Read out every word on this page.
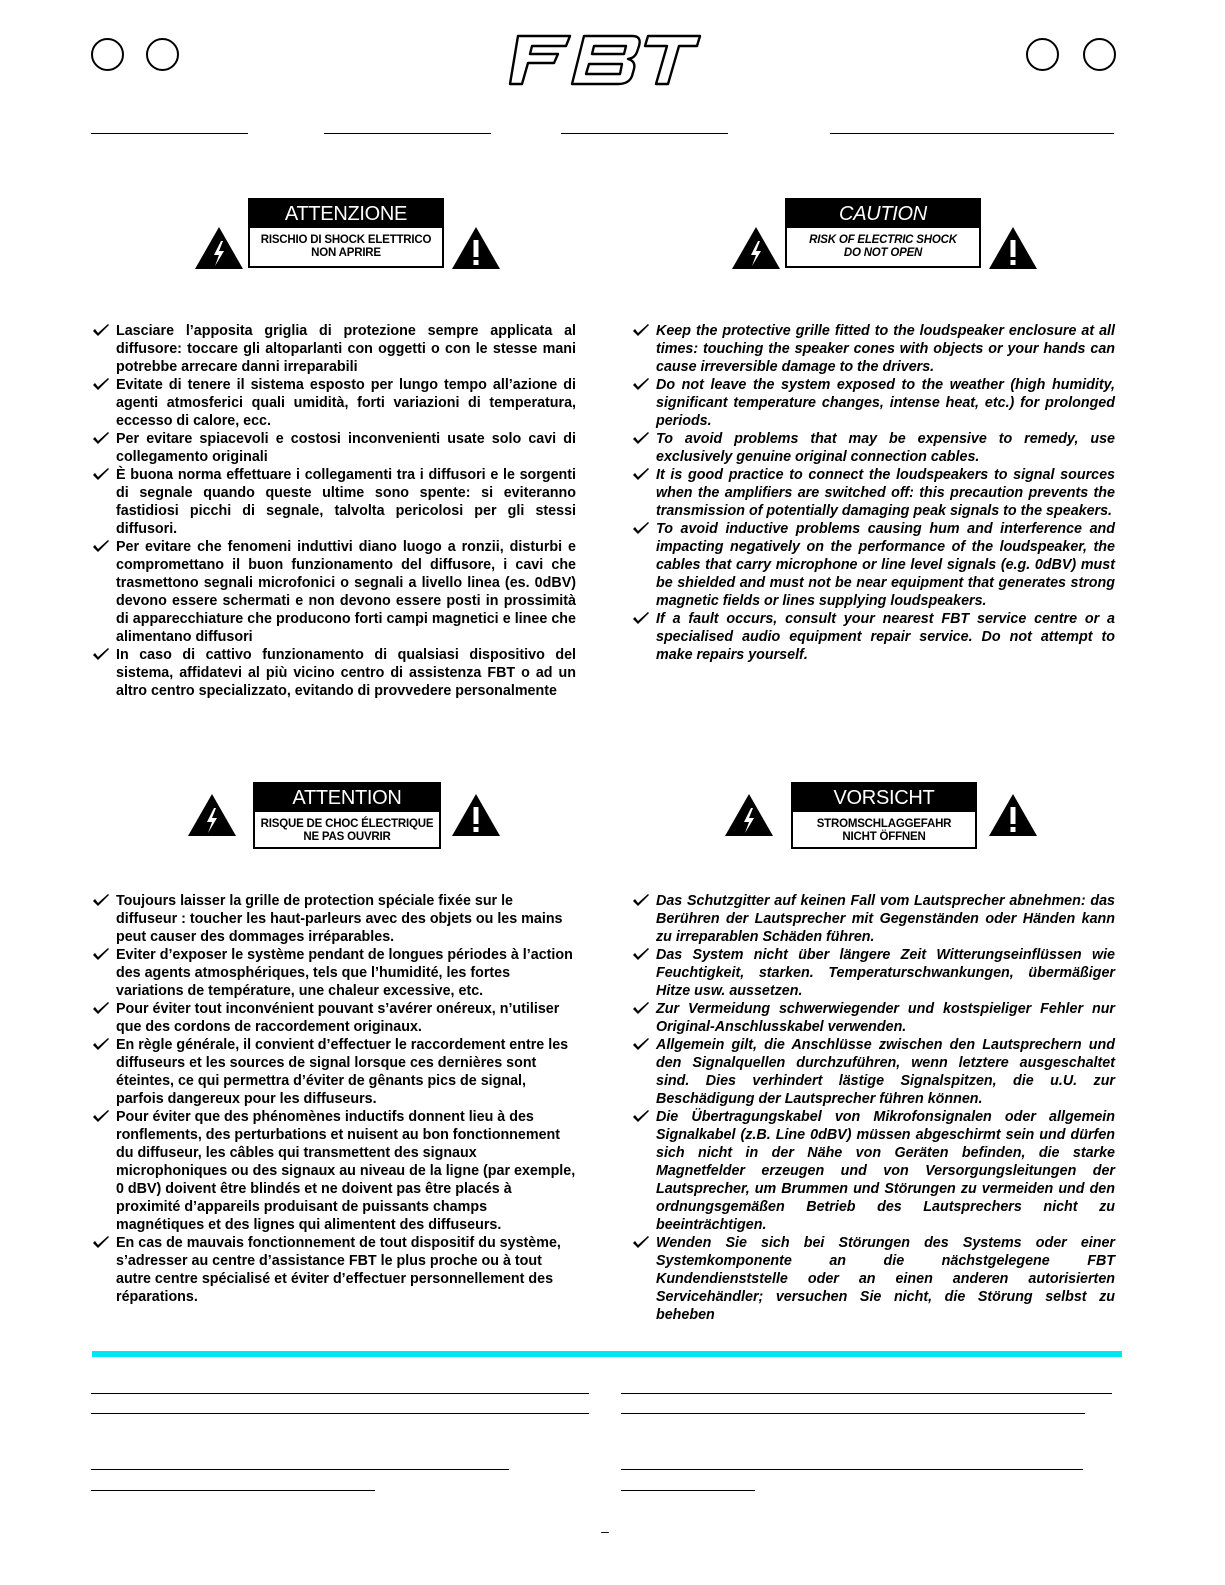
ATTENZIONE
RISCHIO DI SHOCK ELETTRICO
NON APRIRE
CAUTION
RISK OF ELECTRIC SHOCK
DO NOT OPEN
Lasciare l’apposita griglia di protezione sempre applicata al diffusore: toccare gli altoparlanti con oggetti o con le stesse mani potrebbe arrecare danni irreparabili
Evitate di tenere il sistema esposto per lungo tempo all’azione di agenti atmosferici quali umidità, forti variazioni di temperatura, eccesso di calore, ecc.
Per evitare spiacevoli e costosi inconvenienti usate solo cavi di collegamento originali
È buona norma effettuare i collegamenti tra i diffusori e le sorgenti di segnale quando queste ultime sono spente: si eviteranno fastidiosi picchi di segnale, talvolta pericolosi per gli stessi diffusori.
Per evitare che fenomeni induttivi diano luogo a ronzii, disturbi e compromettano il buon funzionamento del diffusore, i cavi che trasmettono segnali microfonici o segnali a livello linea (es. 0dBV) devono essere schermati e non devono essere posti in prossimità di apparecchiature che producono forti campi magnetici e linee che alimentano diffusori
In caso di cattivo funzionamento di qualsiasi dispositivo del sistema, affidatevi al più vicino centro di assistenza FBT o ad un altro centro specializzato, evitando di provvedere personalmente
Keep the protective grille fitted to the loudspeaker enclosure at all times: touching the speaker cones with objects or your hands can cause irreversible damage to the drivers.
Do not leave the system exposed to the weather (high humidity, significant temperature changes, intense heat, etc.) for prolonged periods.
To avoid problems that may be expensive to remedy, use exclusively genuine original connection cables.
It is good practice to connect the loudspeakers to signal sources when the amplifiers are switched off: this precaution prevents the transmission of potentially damaging peak signals to the speakers.
To avoid inductive problems causing hum and interference and impacting negatively on the performance of the loudspeaker, the cables that carry microphone or line level signals (e.g. 0dBV) must be shielded and must not be near equipment that generates strong magnetic fields or lines supplying loudspeakers.
If a fault occurs, consult your nearest FBT service centre or a specialised audio equipment repair service. Do not attempt to make repairs yourself.
ATTENTION
RISQUE DE CHOC ÉLECTRIQUE
NE PAS OUVRIR
VORSICHT
STROMSCHLAGGEFAHR
NICHT ÖFFNEN
Toujours laisser la grille de protection spéciale fixée sur le diffuseur : toucher les haut-parleurs avec des objets ou les mains peut causer des dommages irréparables.
Eviter d’exposer le système pendant de longues périodes à l’action des agents atmosphériques, tels que l’humidité, les fortes variations de température, une chaleur excessive, etc.
Pour éviter tout inconvénient pouvant s’avérer onéreux, n’utiliser que des cordons de raccordement originaux.
En règle générale, il convient d’effectuer le raccordement entre les diffuseurs et les sources de signal lorsque ces dernières sont éteintes, ce qui permettra d’éviter de gênants pics de signal, parfois dangereux pour les diffuseurs.
Pour éviter que des phénomènes inductifs donnent lieu à des ronflements, des perturbations et nuisent au bon fonctionnement du diffuseur, les câbles qui transmettent des signaux microphoniques ou des signaux au niveau de la ligne (par exemple, 0 dBV) doivent être blindés et ne doivent pas être placés à proximité d’appareils produisant de puissants champs magnétiques et des lignes qui alimentent des diffuseurs.
En cas de mauvais fonctionnement de tout dispositif du système, s’adresser au centre d’assistance FBT le plus proche ou à tout autre centre spécialisé et éviter d’effectuer personnellement des réparations.
Das Schutzgitter auf keinen Fall vom Lautsprecher abnehmen: das Berühren der Lautsprecher mit Gegenständen oder Händen kann zu irreparablen Schäden führen.
Das System nicht über längere Zeit Witterungseinflüssen wie Feuchtigkeit, starken. Temperaturschwankungen, übermäßiger Hitze usw. aussetzen.
Zur Vermeidung schwerwiegender und kostspieliger Fehler nur Original-Anschlusskabel verwenden.
Allgemein gilt, die Anschlüsse zwischen den Lautsprechern und den Signalquellen durchzuführen, wenn letztere ausgeschaltet sind. Dies verhindert lästige Signalspitzen, die u.U. zur Beschädigung der Lautsprecher führen können.
Die Übertragungskabel von Mikrofonsignalen oder allgemein Signalkabel (z.B. Line 0dBV) müssen abgeschirmt sein und dürfen sich nicht in der Nähe von Geräten befinden, die starke Magnetfelder erzeugen und von Versorgungsleitungen der Lautsprecher, um Brummen und Störungen zu vermeiden und den ordnungsgemäßen Betrieb des Lautsprechers nicht zu beeinträchtigen.
Wenden Sie sich bei Störungen des Systems oder einer Systemkomponente an die nächstgelegene FBT Kundendienststelle oder an einen anderen autorisierten Servicehändler; versuchen Sie nicht, die Störung selbst zu beheben
–
